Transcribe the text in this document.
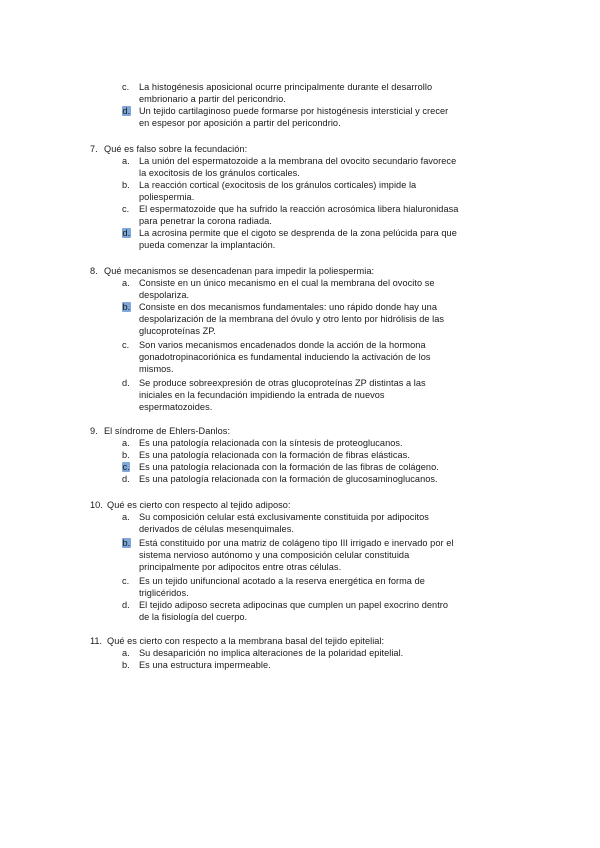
c. La histogénesis aposicional ocurre principalmente durante el desarrollo
embrionario a partir del pericondrio.
d. Un tejido cartilaginoso puede formarse por histogénesis intersticial y crecer
en espesor por aposición a partir del pericondrio.
7. Qué es falso sobre la fecundación:
a. La unión del espermatozoide a la membrana del ovocito secundario favorece
la exocitosis de los gránulos corticales.
b. La reacción cortical (exocitosis de los gránulos corticales) impide la
poliespermia.
c. El espermatozoide que ha sufrido la reacción acrosómica libera hialuronidasa
para penetrar la corona radiada.
d. La acrosina permite que el cigoto se desprenda de la zona pelúcida para que
pueda comenzar la implantación.
8. Qué mecanismos se desencadenan para impedir la poliespermia:
a. Consiste en un único mecanismo en el cual la membrana del ovocito se
despolariza.
b. Consiste en dos mecanismos fundamentales: uno rápido donde hay una
despolarización de la membrana del óvulo y otro lento por hidrólisis de las
glucoproteínas ZP.
c. Son varios mecanismos encadenados donde la acción de la hormona
gonadotropinacoriónica es fundamental induciendo la activación de los
mismos.
d. Se produce sobreexpresión de otras glucoproteínas ZP distintas a las
iniciales en la fecundación impidiendo la entrada de nuevos
espermatozoides.
9. El síndrome de Ehlers-Danlos:
a. Es una patología relacionada con la síntesis de proteoglucanos.
b. Es una patología relacionada con la formación de fibras elásticas.
c. Es una patología relacionada con la formación de las fibras de colágeno.
d. Es una patología relacionada con la formación de glucosaminoglucanos.
10. Qué es cierto con respecto al tejido adiposo:
a. Su composición celular está exclusivamente constituida por adipocitos
derivados de células mesenquimales.
b. Está constituido por una matriz de colágeno tipo III irrigado e inervado por el
sistema nervioso autónomo y una composición celular constituida
principalmente por adipocitos entre otras células.
c. Es un tejido unifuncional acotado a la reserva energética en forma de
triglicéridos.
d. El tejido adiposo secreta adipocinas que cumplen un papel exocrino dentro
de la fisiología del cuerpo.
11. Qué es cierto con respecto a la membrana basal del tejido epitelial:
a. Su desaparición no implica alteraciones de la polaridad epitelial.
b. Es una estructura impermeable.
